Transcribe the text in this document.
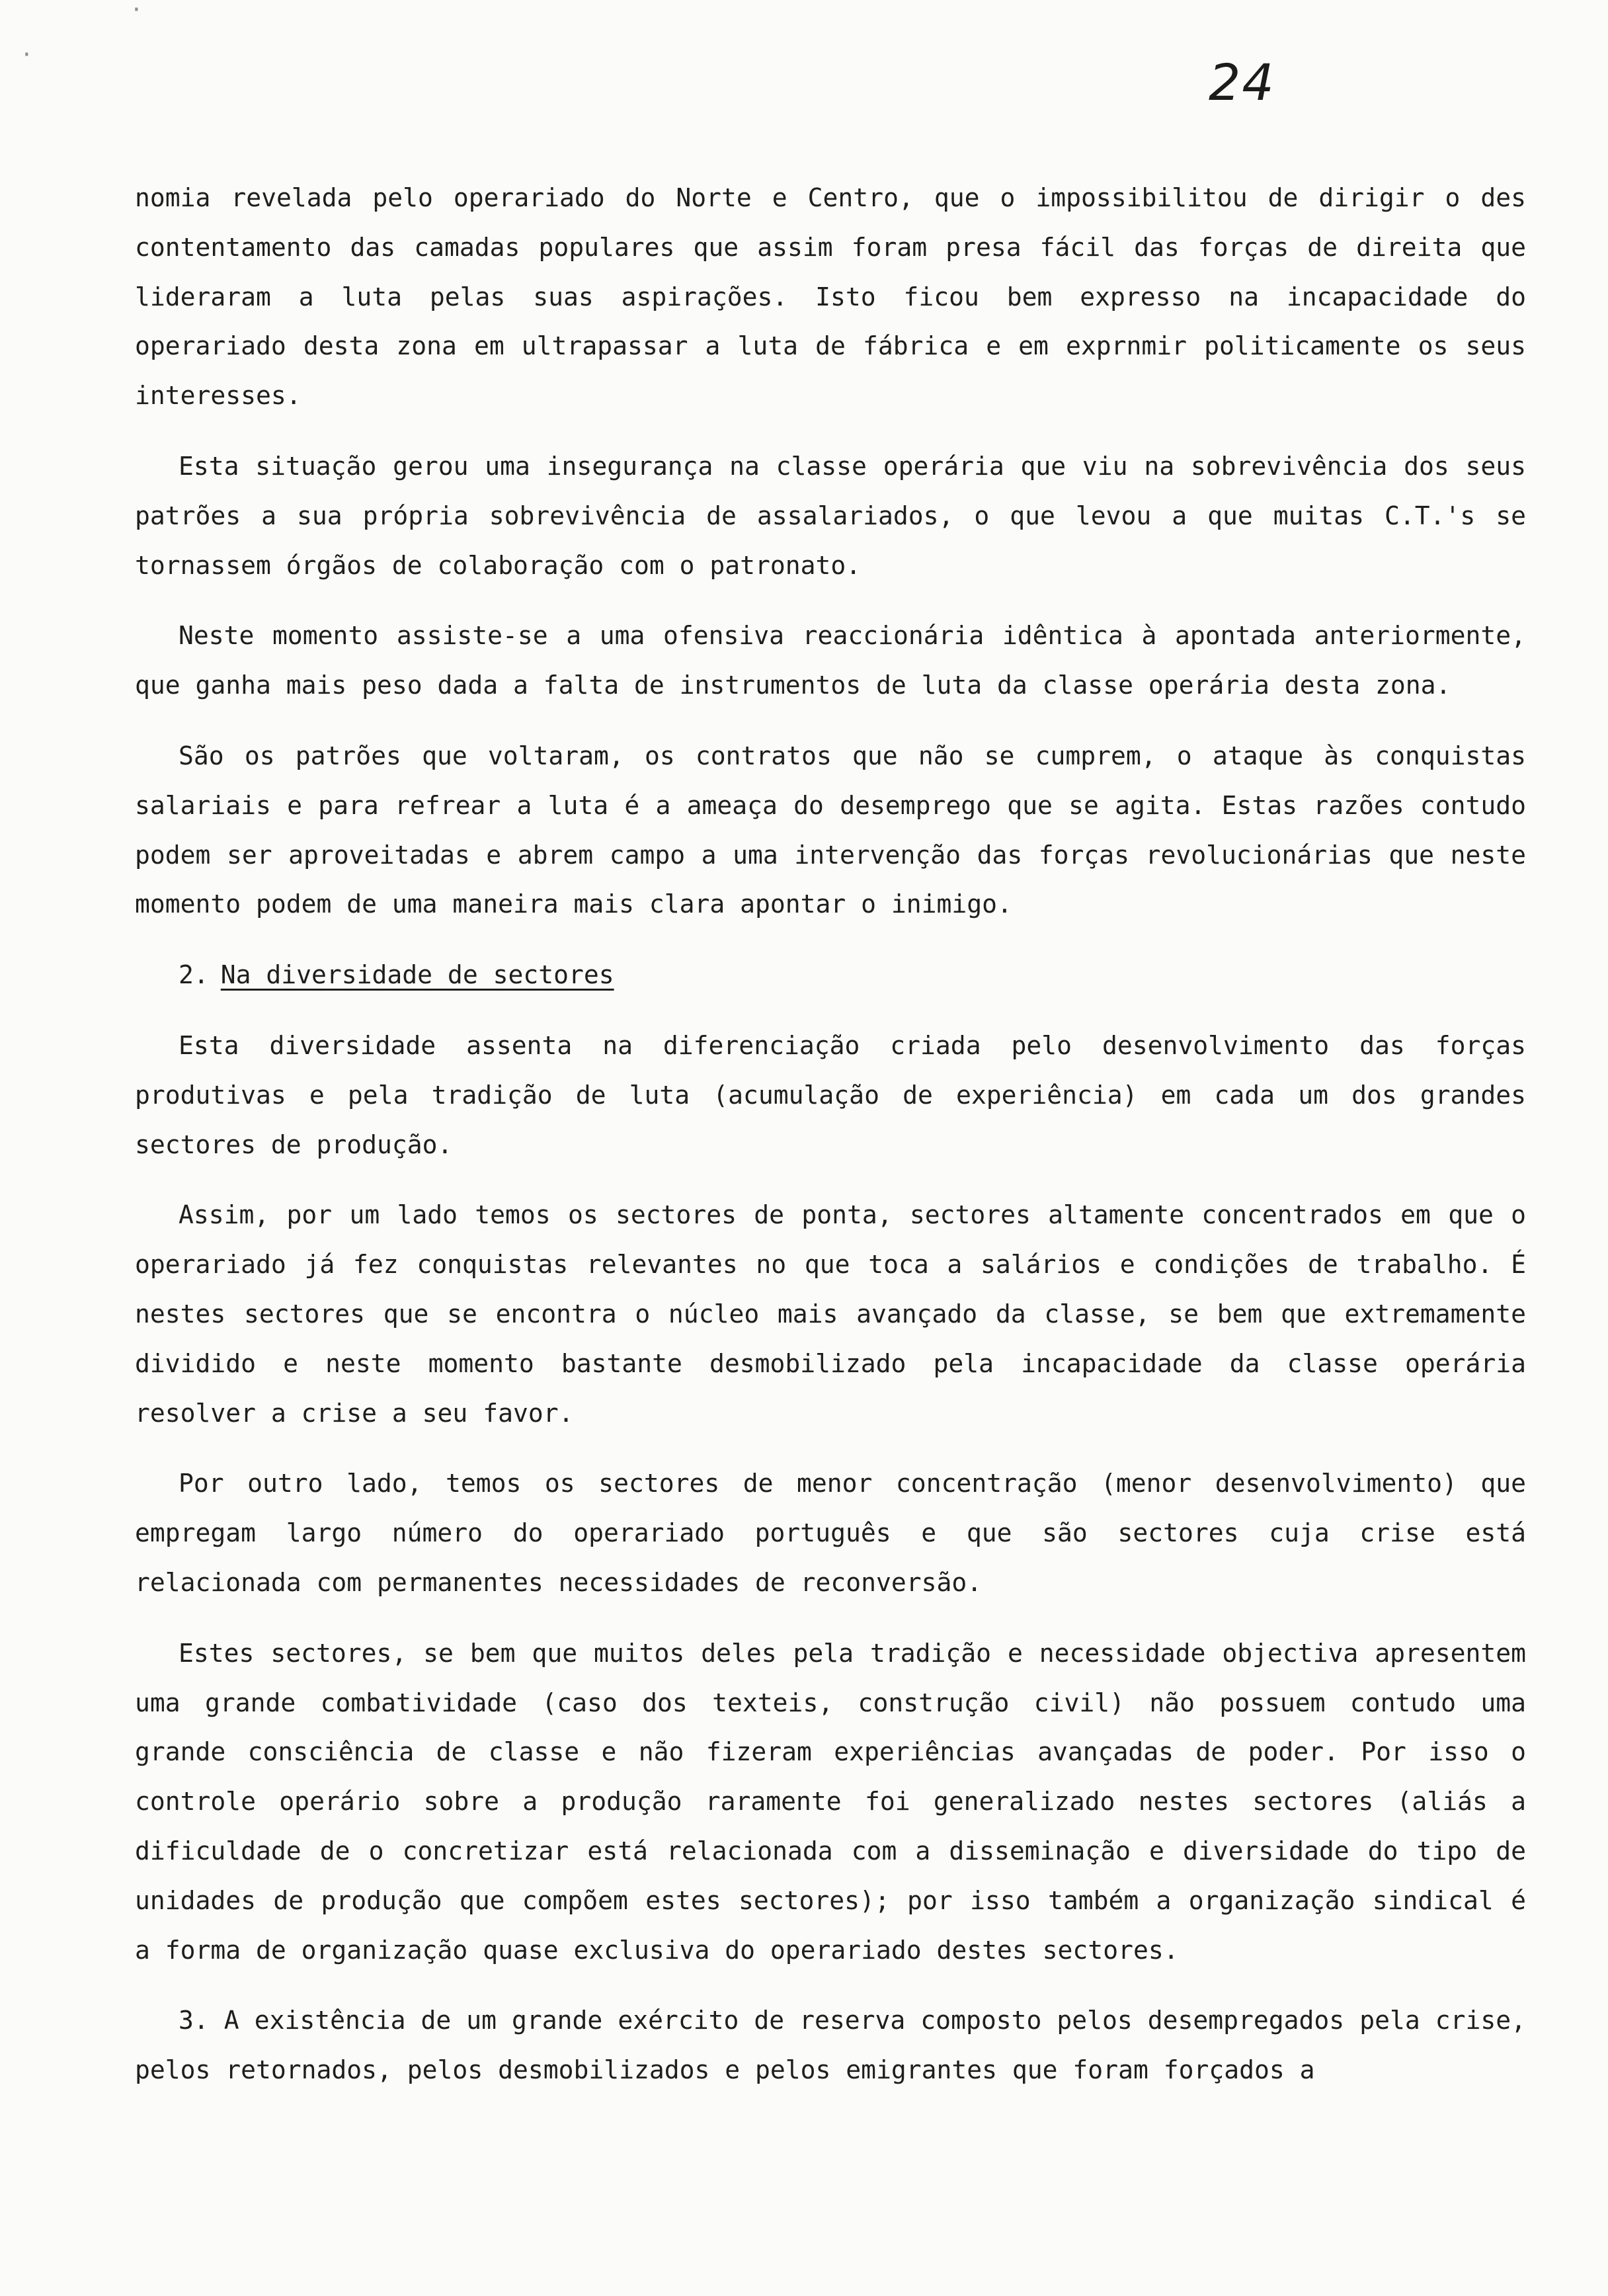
·
·
24

nomia revelada pelo operariado do Norte e Centro, que o impossibilitou de dirigir o des contentamento das camadas populares que assim foram presa fácil das forças de direita que lideraram a luta pelas suas aspirações. Isto ficou bem expresso na incapacidade do operariado desta zona em ultrapassar a luta de fábrica e em exprnmir politicamente os seus interesses.

Esta situação gerou uma insegurança na classe operária que viu na sobrevivência dos seus patrões a sua própria sobrevivência de assalariados, o que levou a que muitas C.T.'s se tornassem órgãos de colaboração com o patronato.

Neste momento assiste-se a uma ofensiva reaccionária idêntica à apontada anteriormente, que ganha mais peso dada a falta de instrumentos de luta da classe operária desta zona.

São os patrões que voltaram, os contratos que não se cumprem, o ataque às conquistas salariais e para refrear a luta é a ameaça do desemprego que se agita. Estas razões contudo podem ser aproveitadas e abrem campo a uma intervenção das forças revolucionárias que neste momento podem de uma maneira mais clara apontar o inimigo.

2. Na diversidade de sectores

Esta diversidade assenta na diferenciação criada pelo desenvolvimento das forças produtivas e pela tradição de luta (acumulação de experiência) em cada um dos grandes sectores de produção.

Assim, por um lado temos os sectores de ponta, sectores altamente concentrados em que o operariado já fez conquistas relevantes no que toca a salários e condições de trabalho. É nestes sectores que se encontra o núcleo mais avançado da classe, se bem que extremamente dividido e neste momento bastante desmobilizado pela incapacidade da classe operária resolver a crise a seu favor.

Por outro lado, temos os sectores de menor concentração (menor desenvolvimento) que empregam largo número do operariado português e que são sectores cuja crise está relacionada com permanentes necessidades de reconversão.

Estes sectores, se bem que muitos deles pela tradição e necessidade objectiva apresentem uma grande combatividade (caso dos texteis, construção civil) não possuem contudo uma grande consciência de classe e não fizeram experiências avançadas de poder. Por isso o controle operário sobre a produção raramente foi generalizado nestes sectores (aliás a dificuldade de o concretizar está relacionada com a disseminação e diversidade do tipo de unidades de produção que compõem estes sectores); por isso também a organização sindical é a forma de organização quase exclusiva do operariado destes sectores.

3. A existência de um grande exército de reserva composto pelos desempregados pela crise, pelos retornados, pelos desmobilizados e pelos emigrantes que foram forçados a
